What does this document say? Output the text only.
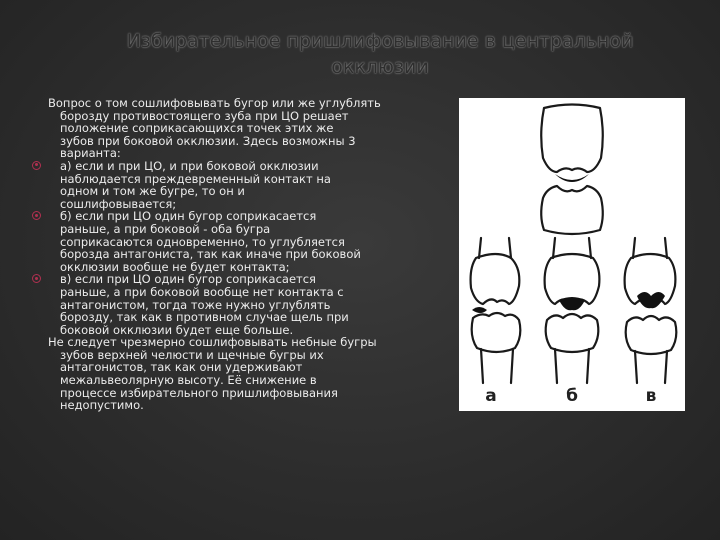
Избирательное пришлифовывание в центральной
окклюзии

Вопрос о том сошлифовывать бугор или же углублять

борозду противостоящего зуба при ЦО решает

положение соприкасающихся точек этих же

зубов при боковой окклюзии. Здесь возможны 3

варианта:

а) если и при ЦО, и при боковой окклюзии

наблюдается преждевременный контакт на

одном и том же бугре, то он и

сошлифовывается;

б) если при ЦО один бугор соприкасается

раньше, а при боковой - оба бугра

соприкасаются одновременно, то углубляется

борозда антагониста, так как иначе при боковой

окклюзии вообще не будет контакта;

в) если при ЦО один бугор соприкасается

раньше, а при боковой вообще нет контакта с

антагонистом, тогда тоже нужно углублять

борозду, так как в противном случае щель при

боковой окклюзии будет еще больше.

Не следует чрезмерно сошлифовывать небные бугры

зубов верхней челюсти и щечные бугры их

антагонистов, так как они удерживают

межальвеолярную высоту. Её снижение в

процессе избирательного пришлифовывания

недопустимо.	а	б	в
